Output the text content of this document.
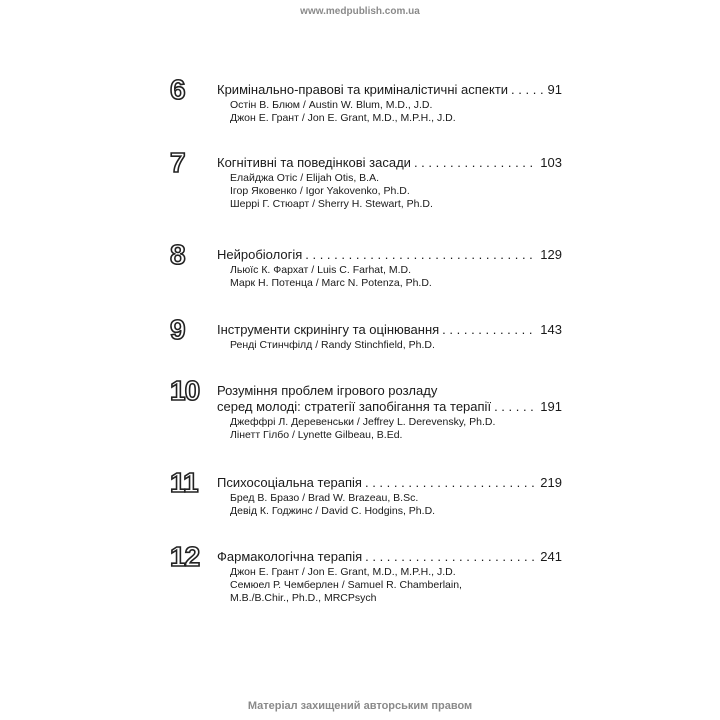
www.medpublish.com.ua
6	Кримінально-правові та криміналістичні аспекти . . .	91
Остін В. Блюм / Austin W. Blum, M.D., J.D.
Джон Е. Грант / Jon E. Grant, M.D., M.P.H., J.D.
7	Когнітивні та поведінкові засади . . .	103
Елайджа Отіс / Elijah Otis, B.A.
Ігор Яковенко / Igor Yakovenko, Ph.D.
Шеррі Г. Стюарт / Sherry H. Stewart, Ph.D.
8	Нейробіологія . . .	129
Льюїс К. Фархат / Luis C. Farhat, M.D.
Марк Н. Потенца / Marc N. Potenza, Ph.D.
9	Інструменти скринінгу та оцінювання . . .	143
Ренді Стинчфілд / Randy Stinchfield, Ph.D.
10	Розуміння проблем ігрового розладу
серед молоді: стратегії запобігання та терапії . . .	191
Джеффрі Л. Деревенськи / Jeffrey L. Derevensky, Ph.D.
Лінетт Гілбо / Lynette Gilbeau, B.Ed.
11	Психосоціальна терапія . . .	219
Бред В. Бразо / Brad W. Brazeau, B.Sc.
Девід К. Годжинс / David C. Hodgins, Ph.D.
12	Фармакологічна терапія . . .	241
Джон Е. Грант / Jon E. Grant, M.D., M.P.H., J.D.
Семюел Р. Чемберлен / Samuel R. Chamberlain,
M.B./B.Chir., Ph.D., MRCPsych
Матеріал захищений авторським правом
